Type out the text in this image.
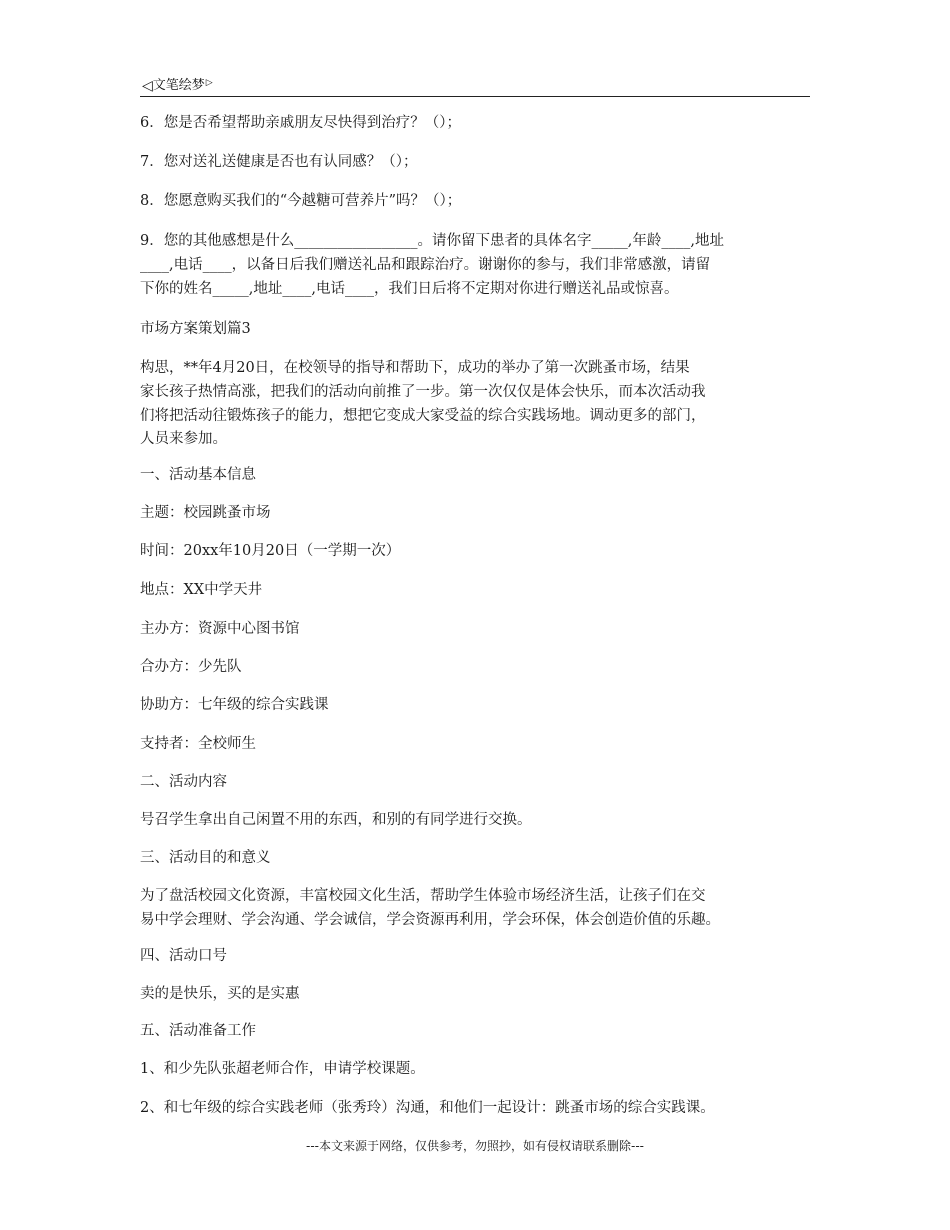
◁文笔绘梦▷
6．您是否希望帮助亲戚朋友尽快得到治疗？（）；
7．您对送礼送健康是否也有认同感？（）；
8．您愿意购买我们的“今越糖可营养片”吗？（）；
9．您的其他感想是什么_________________。请你留下患者的具体名字_____,年龄____,地址
____,电话____，以备日后我们赠送礼品和跟踪治疗。谢谢你的参与，我们非常感激，请留
下你的姓名_____,地址____,电话____，我们日后将不定期对你进行赠送礼品或惊喜。
市场方案策划篇3
构思，**年4月20日，在校领导的指导和帮助下，成功的举办了第一次跳蚤市场，结果
家长孩子热情高涨，把我们的活动向前推了一步。第一次仅仅是体会快乐，而本次活动我
们将把活动往锻炼孩子的能力，想把它变成大家受益的综合实践场地。调动更多的部门，
人员来参加。
一、活动基本信息
主题：校园跳蚤市场
时间：20xx年10月20日（一学期一次）
地点：XX中学天井
主办方：资源中心图书馆
合办方：少先队
协助方：七年级的综合实践课
支持者：全校师生
二、活动内容
号召学生拿出自己闲置不用的东西，和别的有同学进行交换。
三、活动目的和意义
为了盘活校园文化资源，丰富校园文化生活，帮助学生体验市场经济生活，让孩子们在交
易中学会理财、学会沟通、学会诚信，学会资源再利用，学会环保，体会创造价值的乐趣。
四、活动口号
卖的是快乐，买的是实惠
五、活动准备工作
1、和少先队张超老师合作，申请学校课题。
2、和七年级的综合实践老师（张秀玲）沟通，和他们一起设计：跳蚤市场的综合实践课。
---本文来源于网络，仅供参考，勿照抄，如有侵权请联系删除---
